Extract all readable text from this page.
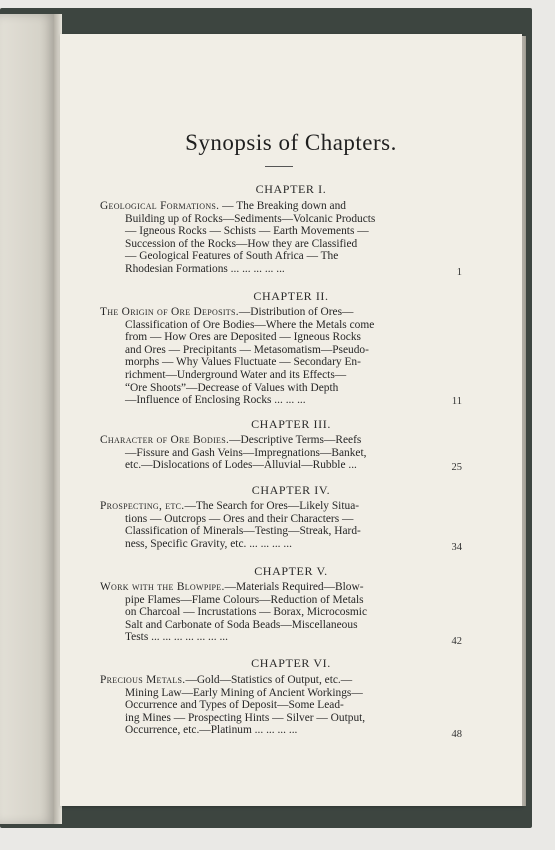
Synopsis of Chapters.
CHAPTER I.
Geological Formations. — The Breaking down and
Building up of Rocks—Sediments—Volcanic Products
— Igneous Rocks — Schists — Earth Movements —
Succession of the Rocks—How they are Classified
— Geological Features of South Africa — The
Rhodesian Formations ... ... ... ... ...	1
CHAPTER II.
The Origin of Ore Deposits.—Distribution of Ores—
Classification of Ore Bodies—Where the Metals come
from — How Ores are Deposited — Igneous Rocks
and Ores — Precipitants — Metasomatism—Pseudo-
morphs — Why Values Fluctuate — Secondary En-
richment—Underground Water and its Effects—
“Ore Shoots”—Decrease of Values with Depth
—Influence of Enclosing Rocks ... ... ...	11
CHAPTER III.
Character of Ore Bodies.—Descriptive Terms—Reefs
—Fissure and Gash Veins—Impregnations—Banket,
etc.—Dislocations of Lodes—Alluvial—Rubble ...	25
CHAPTER IV.
Prospecting, etc.—The Search for Ores—Likely Situa-
tions — Outcrops — Ores and their Characters —
Classification of Minerals—Testing—Streak, Hard-
ness, Specific Gravity, etc. ... ... ... ...	34
CHAPTER V.
Work with the Blowpipe.—Materials Required—Blow-
pipe Flames—Flame Colours—Reduction of Metals
on Charcoal — Incrustations — Borax, Microcosmic
Salt and Carbonate of Soda Beads—Miscellaneous
Tests ... ... ... ... ... ... ...	42
CHAPTER VI.
Precious Metals.—Gold—Statistics of Output, etc.—
Mining Law—Early Mining of Ancient Workings—
Occurrence and Types of Deposit—Some Lead-
ing Mines — Prospecting Hints — Silver — Output,
Occurrence, etc.—Platinum ... ... ... ...	48
